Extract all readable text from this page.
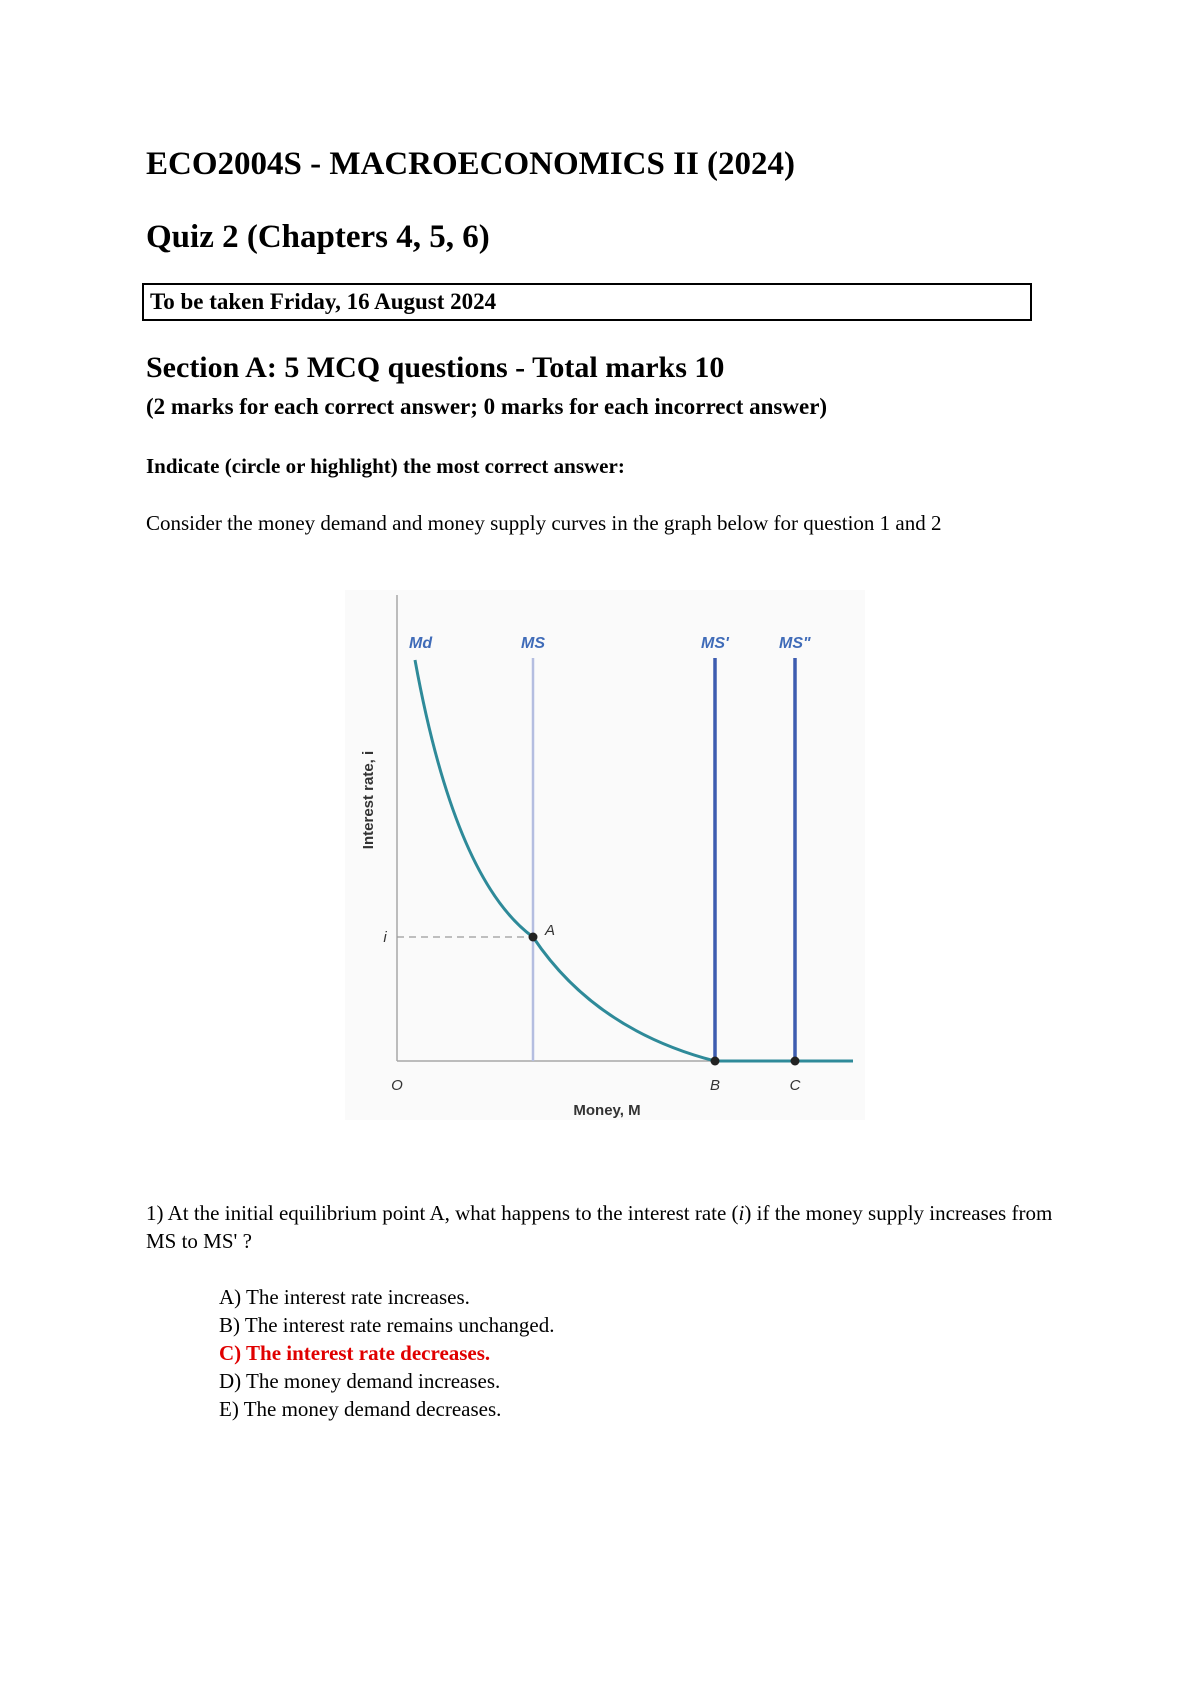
ECO2004S - MACROECONOMICS II (2024)
Quiz 2 (Chapters 4, 5, 6)
To be taken Friday, 16 August 2024
Section A: 5 MCQ questions - Total marks 10
(2 marks for each correct answer; 0 marks for each incorrect answer)
Indicate (circle or highlight) the most correct answer:
Consider the money demand and money supply curves in the graph below for question 1 and 2
Md	MS	MS'	MS"
Interest rate, i
i	A
O	B	C
Money, M
1) At the initial equilibrium point A, what happens to the interest rate (i) if the money supply increases from MS to MS' ?
A) The interest rate increases.
B) The interest rate remains unchanged.
C) The interest rate decreases.
D) The money demand increases.
E) The money demand decreases.
